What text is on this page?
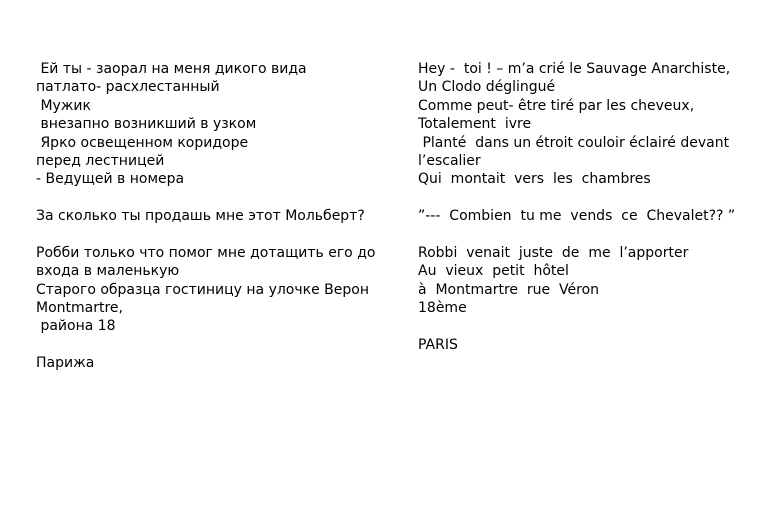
Ей ты - заорал на меня дикого вида
патлато- расхлестанный
Мужик
внезапно возникший в узком
Ярко освещенном коридоре
перед лестницей
- Ведущей в номера
За сколько ты продашь мне этот Мольберт?
Робби только что помог мне дотащить его до
входа в маленькую
Старого образца гостиницу на улочке Верон
Montmartre,
района 18
Парижа
Hey -  toi ! – m’a crié le Sauvage Anarchiste,
Un Clodo déglingué
Comme peut- être tiré par les cheveux,
Totalement  ivre
Planté  dans un étroit couloir éclairé devant
l’escalier
Qui  montait  vers  les  chambres
”---  Combien  tu me  vends  ce  Chevalet?? ”
Robbi  venait  juste  de  me  l’apporter
Au  vieux  petit  hôtel
à  Montmartre  rue  Véron
18ème
PARIS
